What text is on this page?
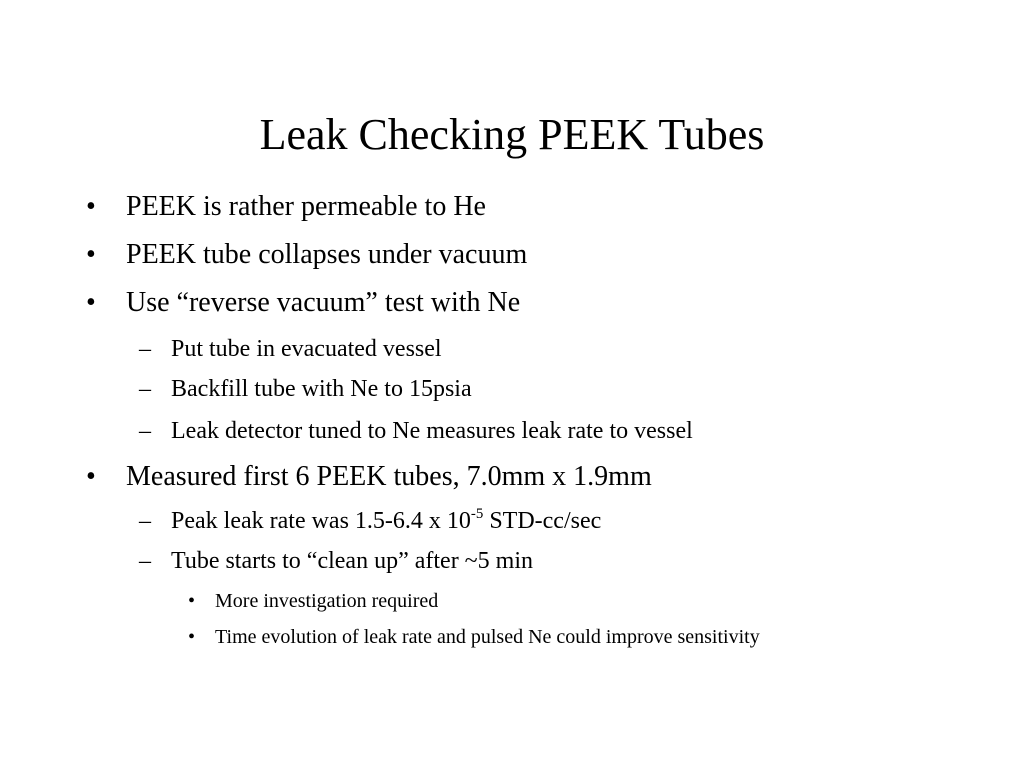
Leak Checking PEEK Tubes
• PEEK is rather permeable to He
• PEEK tube collapses under vacuum
• Use “reverse vacuum” test with Ne
– Put tube in evacuated vessel
– Backfill tube with Ne to 15psia
– Leak detector tuned to Ne measures leak rate to vessel
• Measured first 6 PEEK tubes, 7.0mm x 1.9mm
– Peak leak rate was 1.5-6.4 x $10^{-5}$ STD-cc/sec
– Tube starts to “clean up” after ~5 min
• More investigation required
• Time evolution of leak rate and pulsed Ne could improve sensitivity
